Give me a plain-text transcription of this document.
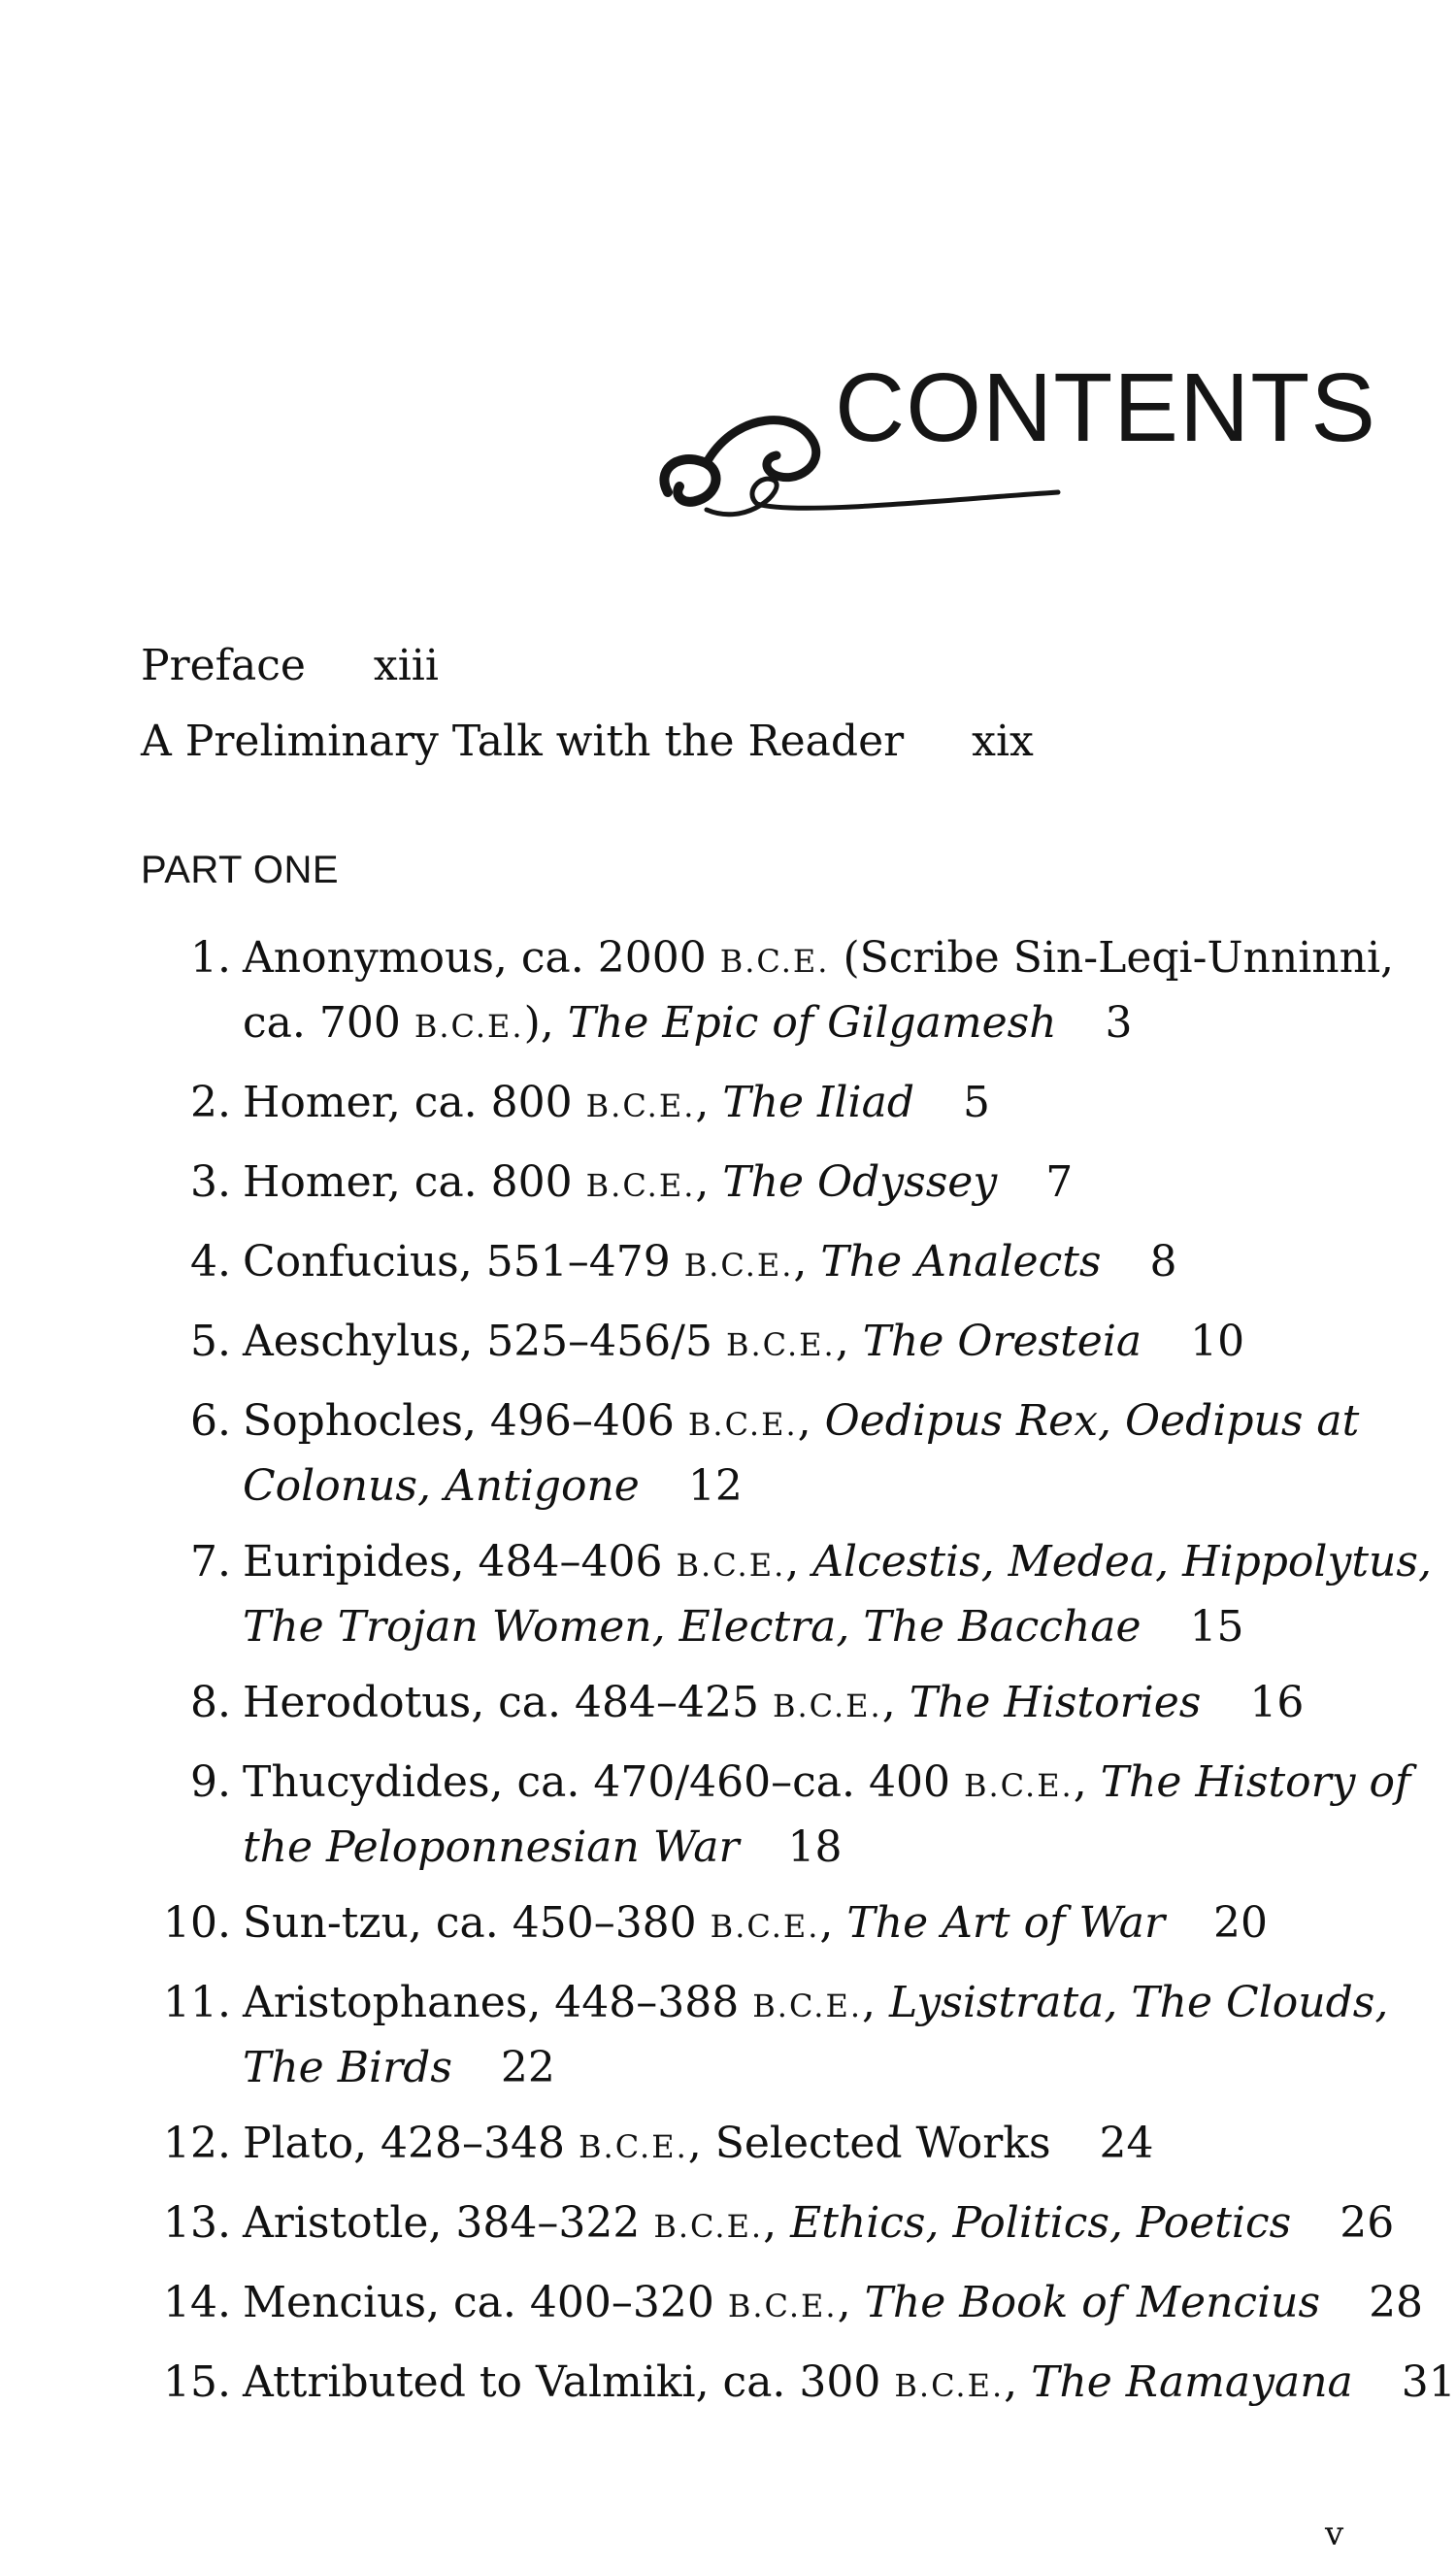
CONTENTS
Preface xiii
A Preliminary Talk with the Reader xix
PART ONE
1. Anonymous, ca. 2000 B.C.E. (Scribe Sin-Leqi-Unninni,
ca. 700 B.C.E.), The Epic of Gilgamesh 3
2. Homer, ca. 800 B.C.E., The Iliad 5
3. Homer, ca. 800 B.C.E., The Odyssey 7
4. Confucius, 551–479 B.C.E., The Analects 8
5. Aeschylus, 525–456/5 B.C.E., The Oresteia 10
6. Sophocles, 496–406 B.C.E., Oedipus Rex, Oedipus at
Colonus, Antigone 12
7. Euripides, 484–406 B.C.E., Alcestis, Medea, Hippolytus,
The Trojan Women, Electra, The Bacchae 15
8. Herodotus, ca. 484–425 B.C.E., The Histories 16
9. Thucydides, ca. 470/460–ca. 400 B.C.E., The History of
the Peloponnesian War 18
10. Sun-tzu, ca. 450–380 B.C.E., The Art of War 20
11. Aristophanes, 448–388 B.C.E., Lysistrata, The Clouds,
The Birds 22
12. Plato, 428–348 B.C.E., Selected Works 24
13. Aristotle, 384–322 B.C.E., Ethics, Politics, Poetics 26
14. Mencius, ca. 400–320 B.C.E., The Book of Mencius 28
15. Attributed to Valmiki, ca. 300 B.C.E., The Ramayana 31
v
